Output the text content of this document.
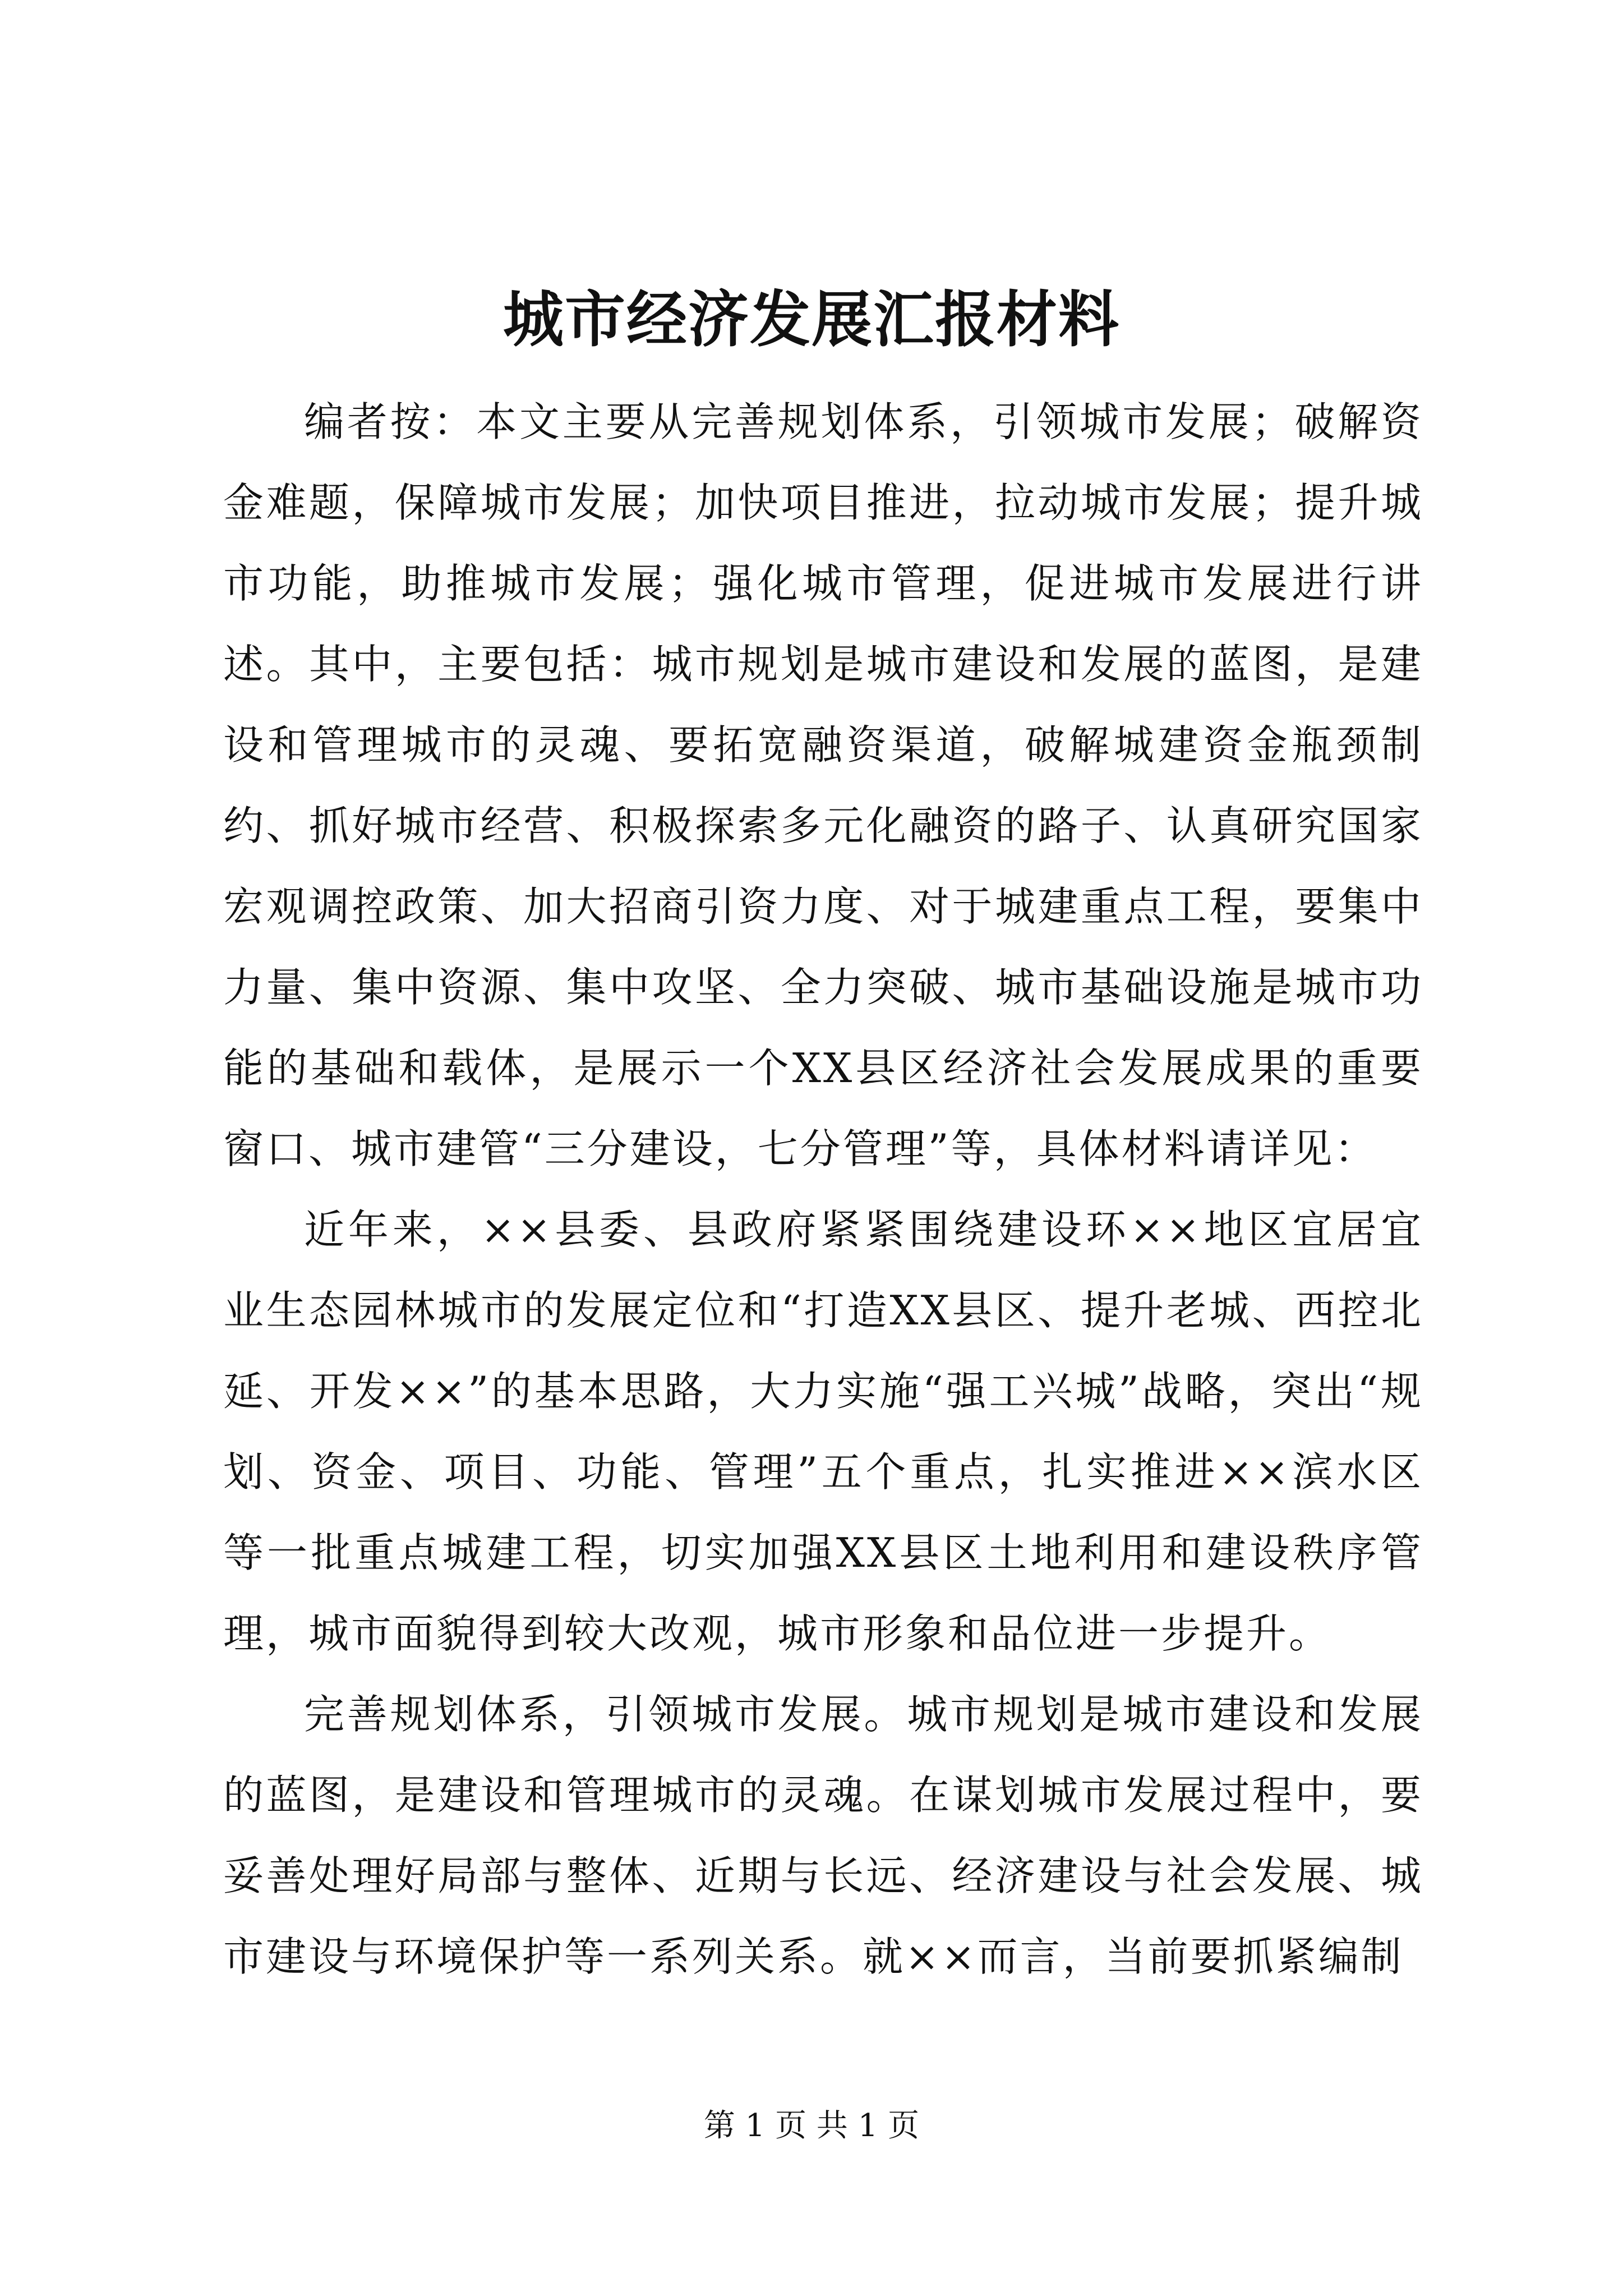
城市经济发展汇报材料

编者按：本文主要从完善规划体系，引领城市发展；破解资金难题，保障城市发展；加快项目推进，拉动城市发展；提升城市功能，助推城市发展；强化城市管理，促进城市发展进行讲述。其中，主要包括：城市规划是城市建设和发展的蓝图，是建设和管理城市的灵魂、要拓宽融资渠道，破解城建资金瓶颈制约、抓好城市经营、积极探索多元化融资的路子、认真研究国家宏观调控政策、加大招商引资力度、对于城建重点工程，要集中力量、集中资源、集中攻坚、全力突破、城市基础设施是城市功能的基础和载体，是展示一个XX县区经济社会发展成果的重要窗口、城市建管“三分建设，七分管理”等，具体材料请详见：

近年来，××县委、县政府紧紧围绕建设环××地区宜居宜业生态园林城市的发展定位和“打造XX县区、提升老城、西控北延、开发××”的基本思路，大力实施“强工兴城”战略，突出“规划、资金、项目、功能、管理”五个重点，扎实推进××滨水区等一批重点城建工程，切实加强XX县区土地利用和建设秩序管理，城市面貌得到较大改观，城市形象和品位进一步提升。

完善规划体系，引领城市发展。城市规划是城市建设和发展的蓝图，是建设和管理城市的灵魂。在谋划城市发展过程中，要妥善处理好局部与整体、近期与长远、经济建设与社会发展、城市建设与环境保护等一系列关系。就××而言，当前要抓紧编制

第 1 页 共 1 页
